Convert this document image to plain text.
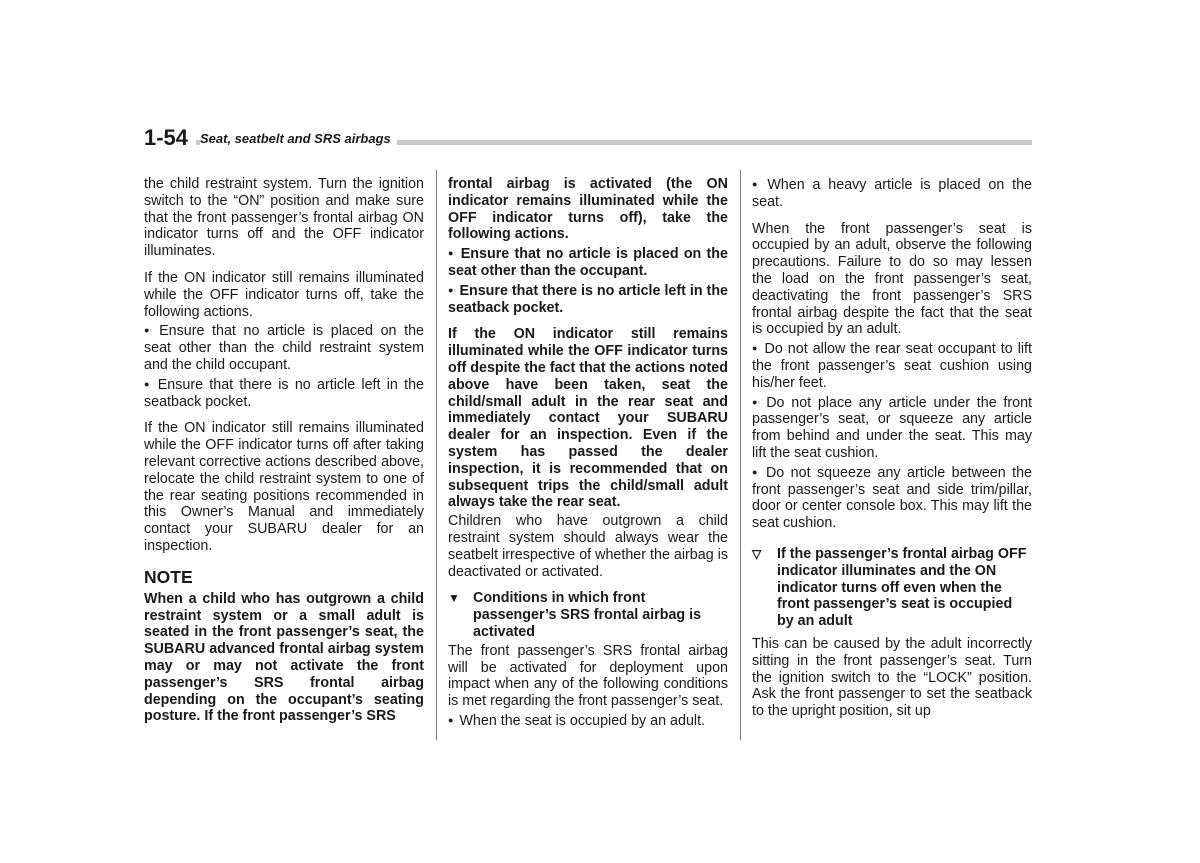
1-54 Seat, seatbelt and SRS airbags

the child restraint system. Turn the ignition switch to the “ON” position and make sure that the front passenger’s frontal airbag ON indicator turns off and the OFF indicator illuminates.

If the ON indicator still remains illuminated while the OFF indicator turns off, take the following actions.

● Ensure that no article is placed on the seat other than the child restraint system and the child occupant.

● Ensure that there is no article left in the seatback pocket.

If the ON indicator still remains illuminated while the OFF indicator turns off after taking relevant corrective actions described above, relocate the child restraint system to one of the rear seating positions recommended in this Owner’s Manual and immediately contact your SUBARU dealer for an inspection.

NOTE

When a child who has outgrown a child restraint system or a small adult is seated in the front passenger’s seat, the SUBARU advanced frontal airbag system may or may not activate the front passenger’s SRS frontal airbag depending on the occupant’s seating posture. If the front passenger’s SRS

frontal airbag is activated (the ON indicator remains illuminated while the OFF indicator turns off), take the following actions.

● Ensure that no article is placed on the seat other than the occupant.

● Ensure that there is no article left in the seatback pocket.

If the ON indicator still remains illuminated while the OFF indicator turns off despite the fact that the actions noted above have been taken, seat the child/small adult in the rear seat and immediately contact your SUBARU dealer for an inspection. Even if the system has passed the dealer inspection, it is recommended that on subsequent trips the child/small adult always take the rear seat.

Children who have outgrown a child restraint system should always wear the seatbelt irrespective of whether the airbag is deactivated or activated.

▼ Conditions in which front passenger’s SRS frontal airbag is activated

The front passenger’s SRS frontal airbag will be activated for deployment upon impact when any of the following conditions is met regarding the front passenger’s seat.

● When the seat is occupied by an adult.

● When a heavy article is placed on the seat.

When the front passenger’s seat is occupied by an adult, observe the following precautions. Failure to do so may lessen the load on the front passenger’s seat, deactivating the front passenger’s SRS frontal airbag despite the fact that the seat is occupied by an adult.

● Do not allow the rear seat occupant to lift the front passenger’s seat cushion using his/her feet.

● Do not place any article under the front passenger’s seat, or squeeze any article from behind and under the seat. This may lift the seat cushion.

● Do not squeeze any article between the front passenger’s seat and side trim/pillar, door or center console box. This may lift the seat cushion.

▽	If the passenger’s frontal airbag OFF indicator illuminates and the ON indicator turns off even when the front passenger’s seat is occupied by an adult

This can be caused by the adult incorrectly sitting in the front passenger’s seat. Turn the ignition switch to the “LOCK” position. Ask the front passenger to set the seatback to the upright position, sit up
